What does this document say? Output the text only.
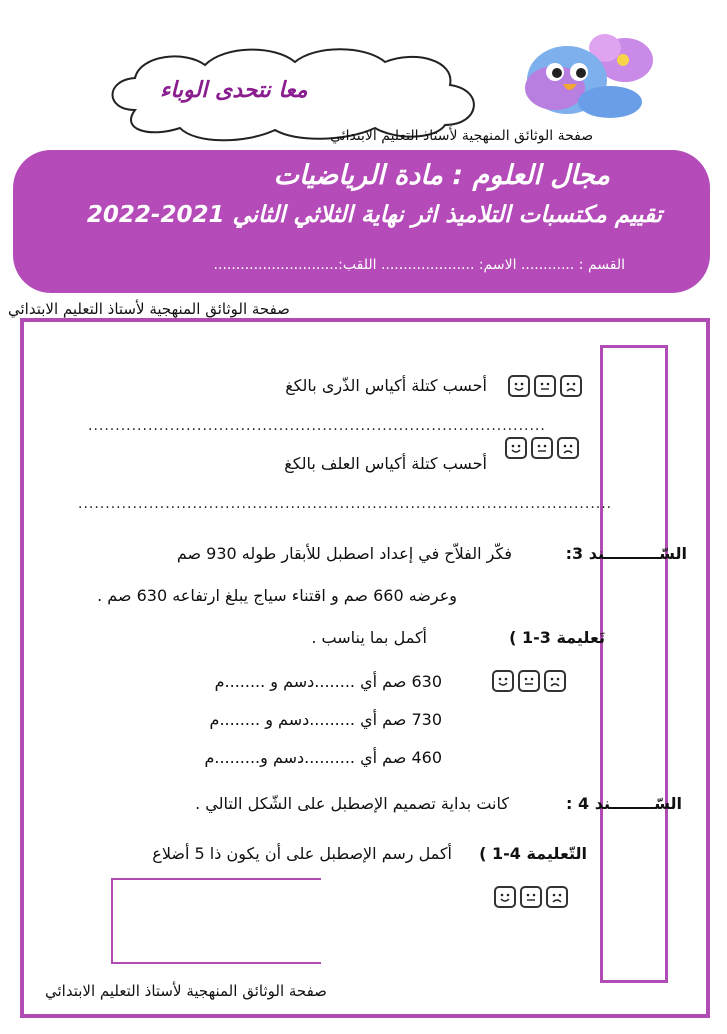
معا نتحدى الوباء
صفحة الوثائق المنهجية لأستاذ التعليم الابتدائي
مجال العلوم : مادة الرياضيات
تقييم مكتسبات التلاميذ اثر نهاية الثلاثي الثاني 2021-2022
القسم : ............ الاسم: ..................... اللقب:............................
صفحة الوثائق المنهجية لأستاذ التعليم الابتدائي
أحسب كتلة أكياس الذّرى بالكغ
....................................................................................
أحسب كتلة أكياس العلف بالكغ
..................................................................................................
السّــــــــــند 3:
فكّر الفلاّح في إعداد اصطبل للأبقار طوله 930 صم
وعرضه 660 صم و اقتناء سياج يبلغ ارتفاعه 630 صم .
تَعليمة 3-1 )
أكمل بما يناسب .
630 صم أي ........دسم و ........م
730 صم أي .........دسم و ........م
460 صم أي ..........دسم و.........م
السّــــــــند 4 :
كانت بداية تصميم الإصطبل على الشّكل التالي .
التّعليمة 4-1 )
أكمل رسم الإصطبل على أن يكون ذا 5 أضلاع
صفحة الوثائق المنهجية لأستاذ التعليم الابتدائي
